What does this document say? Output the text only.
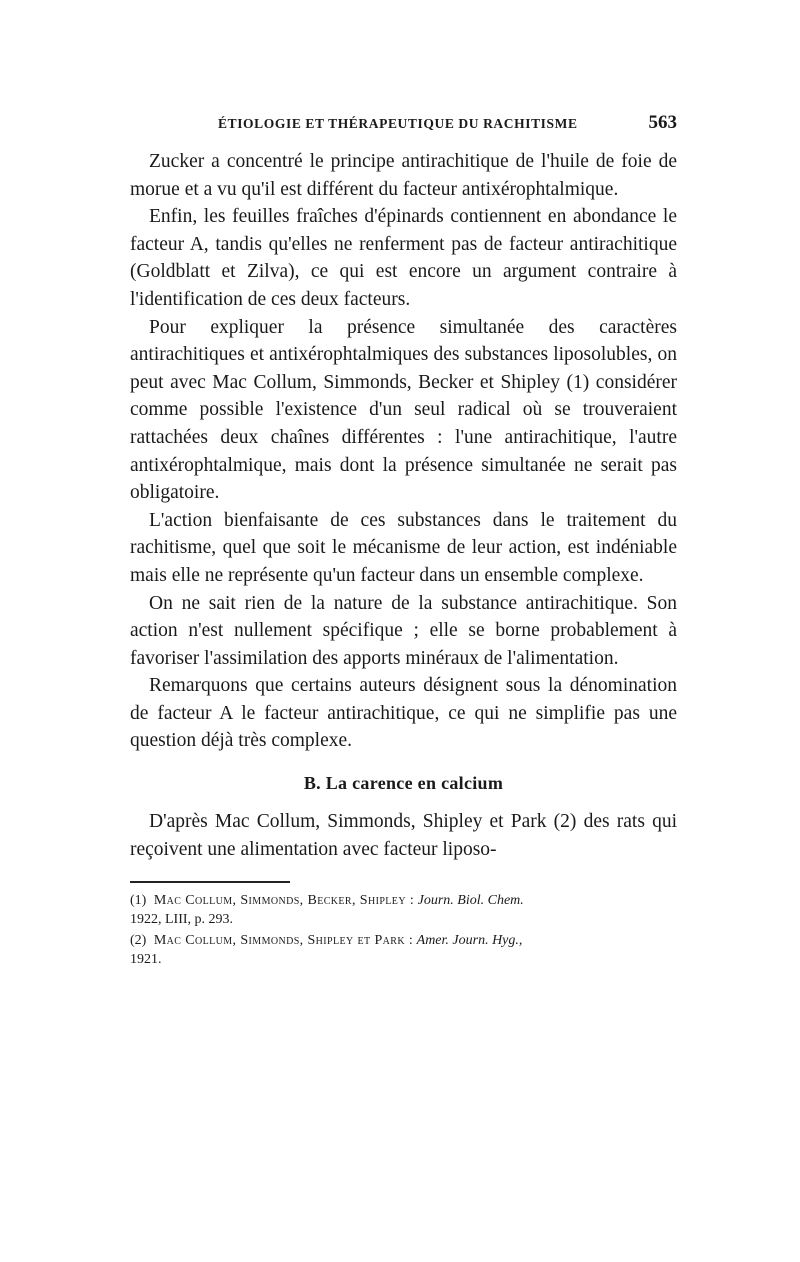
ÉTIOLOGIE ET THÉRAPEUTIQUE DU RACHITISME	563

Zucker a concentré le principe antirachitique de l'huile de foie de morue et a vu qu'il est différent du facteur antixérophtalmique.

Enfin, les feuilles fraîches d'épinards contiennent en abondance le facteur A, tandis qu'elles ne renferment pas de facteur antirachitique (Goldblatt et Zilva), ce qui est encore un argument contraire à l'identification de ces deux facteurs.

Pour expliquer la présence simultanée des caractères antirachitiques et antixérophtalmiques des substances liposolubles, on peut avec Mac Collum, Simmonds, Becker et Shipley (1) considérer comme possible l'existence d'un seul radical où se trouveraient rattachées deux chaînes différentes : l'une antirachitique, l'autre antixérophtalmique, mais dont la présence simultanée ne serait pas obligatoire.

L'action bienfaisante de ces substances dans le traitement du rachitisme, quel que soit le mécanisme de leur action, est indéniable mais elle ne représente qu'un facteur dans un ensemble complexe.

On ne sait rien de la nature de la substance antirachitique. Son action n'est nullement spécifique ; elle se borne probablement à favoriser l'assimilation des apports minéraux de l'alimentation.

Remarquons que certains auteurs désignent sous la dénomination de facteur A le facteur antirachitique, ce qui ne simplifie pas une question déjà très complexe.

B. La carence en calcium

D'après Mac Collum, Simmonds, Shipley et Park (2) des rats qui reçoivent une alimentation avec facteur liposo-

(1) Mac Collum, Simmonds, Becker, Shipley : Journ. Biol. Chem.
1922, LIII, p. 293.

(2) Mac Collum, Simmonds, Shipley et Park : Amer. Journ. Hyg.,
1921.
